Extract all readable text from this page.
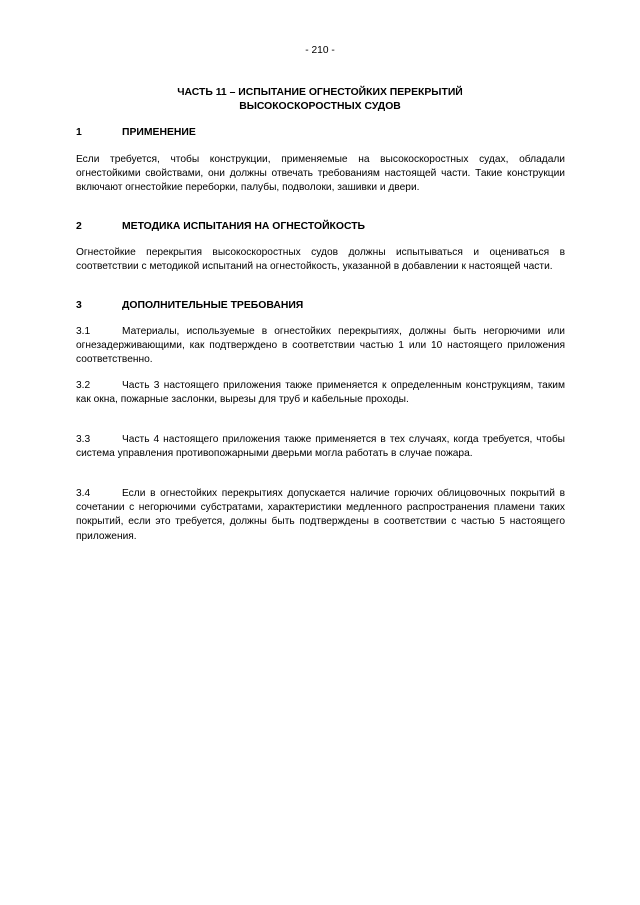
- 210 -
ЧАСТЬ 11 – ИСПЫТАНИЕ ОГНЕСТОЙКИХ ПЕРЕКРЫТИЙ
ВЫСОКОСКОРОСТНЫХ СУДОВ
1	ПРИМЕНЕНИЕ
Если требуется, чтобы конструкции, применяемые на высокоскоростных судах, обладали огнестойкими свойствами, они должны отвечать требованиям настоящей части. Такие конструкции включают огнестойкие переборки, палубы, подволоки, зашивки и двери.
2	МЕТОДИКА ИСПЫТАНИЯ НА ОГНЕСТОЙКОСТЬ
Огнестойкие перекрытия высокоскоростных судов должны испытываться и оцениваться в соответствии с методикой испытаний на огнестойкость, указанной в добавлении к настоящей части.
3	ДОПОЛНИТЕЛЬНЫЕ ТРЕБОВАНИЯ
3.1	Материалы, используемые в огнестойких перекрытиях, должны быть негорючими или огнезадерживающими, как подтверждено в соответствии частью 1 или 10 настоящего приложения соответственно.
3.2	Часть 3 настоящего приложения также применяется к определенным конструкциям, таким как окна, пожарные заслонки, вырезы для труб и кабельные проходы.
3.3	Часть 4 настоящего приложения также применяется в тех случаях, когда требуется, чтобы система управления противопожарными дверьми могла работать в случае пожара.
3.4	Если в огнестойких перекрытиях допускается наличие горючих облицовочных покрытий в сочетании с негорючими субстратами, характеристики медленного распространения пламени таких покрытий, если это требуется, должны быть подтверждены в соответствии с частью 5 настоящего приложения.
